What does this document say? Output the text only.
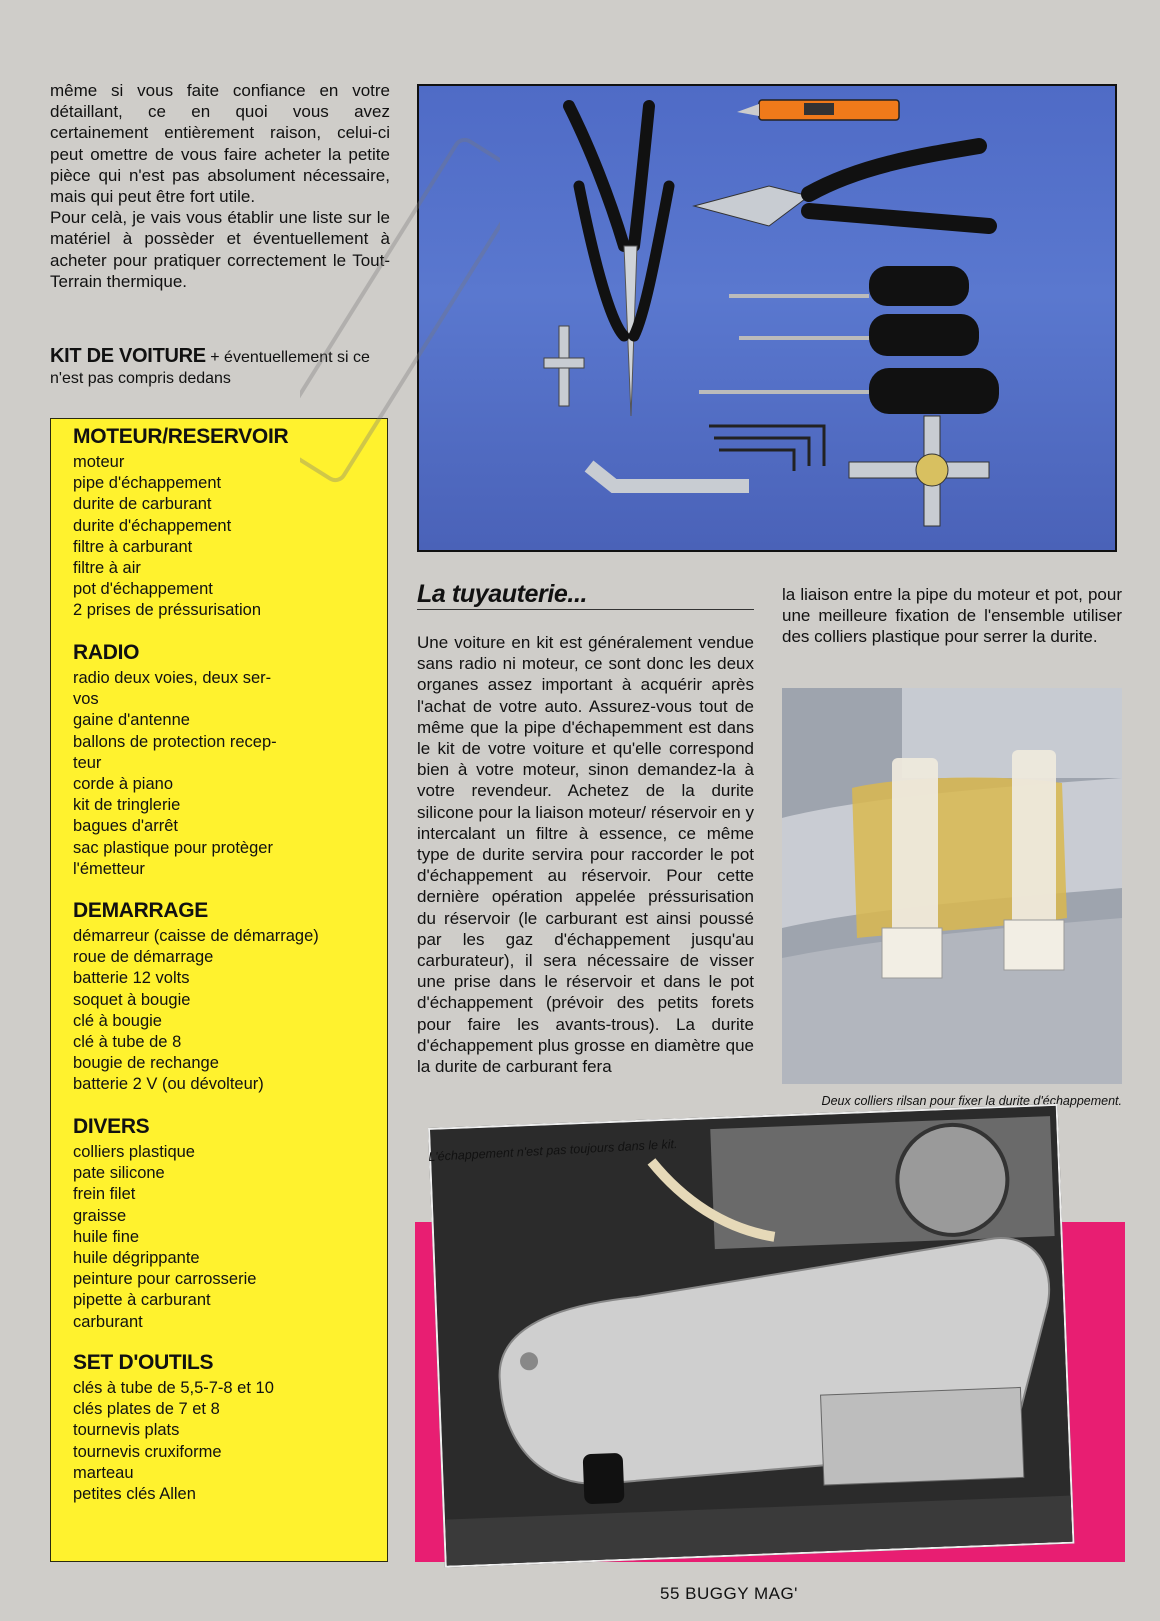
même si vous faite confiance en votre détaillant, ce en quoi vous avez certainement entièrement raison, celui-ci peut omettre de vous faire acheter la petite pièce qui n'est pas absolument nécessaire, mais qui peut être fort utile.

Pour celà, je vais vous établir une liste sur le matériel à possèder et éventuellement à acheter pour pratiquer correctement le Tout-Terrain thermique.

KIT DE VOITURE + éventuellement si ce n'est pas compris dedans
MOTEUR/RESERVOIR
moteur
pipe d'échappement
durite de carburant
durite d'échappement
filtre à carburant
filtre à air
pot d'échappement
2 prises de préssurisation
RADIO
radio deux voies, deux ser-
vos
gaine d'antenne
ballons de protection recep-
teur
corde à piano
kit de tringlerie
bagues d'arrêt
sac plastique pour protèger
l'émetteur
DEMARRAGE
démarreur (caisse de démarrage)
roue de démarrage
batterie 12 volts
soquet à bougie
clé à bougie
clé à tube de 8
bougie de rechange
batterie 2 V (ou dévolteur)
DIVERS
colliers plastique
pate silicone
frein filet
graisse
huile fine
huile dégrippante
peinture pour carrosserie
pipette à carburant
carburant
SET D'OUTILS
clés à tube de 5,5-7-8 et 10
clés plates de 7 et 8
tournevis plats
tournevis cruxiforme
marteau
petites clés Allen
La tuyauterie...

Une voiture en kit est généralement vendue sans radio ni moteur, ce sont donc les deux organes assez important à acquérir après l'achat de votre auto. Assurez-vous tout de même que la pipe d'échapemment est dans le kit de votre voiture et qu'elle correspond bien à votre moteur, sinon demandez-la à votre revendeur. Achetez de la durite silicone pour la liaison moteur/ réservoir en y intercalant un filtre à essence, ce même type de durite servira pour raccorder le pot d'échappement au réservoir. Pour cette dernière opération appelée préssurisation du réservoir (le carburant est ainsi poussé par les gaz d'échappement jusqu'au carburateur), il sera nécessaire de visser une prise dans le réservoir et dans le pot d'échappement (prévoir des petits forets pour faire les avants-trous). La durite d'échappement plus grosse en diamètre que la durite de carburant fera

la liaison entre la pipe du moteur et pot, pour une meilleure fixation de l'ensemble utiliser des colliers plastique pour serrer la durite.

Deux colliers rilsan pour fixer la durite d'échappement.
L'échappement n'est pas toujours dans le kit.
55 BUGGY MAG'
